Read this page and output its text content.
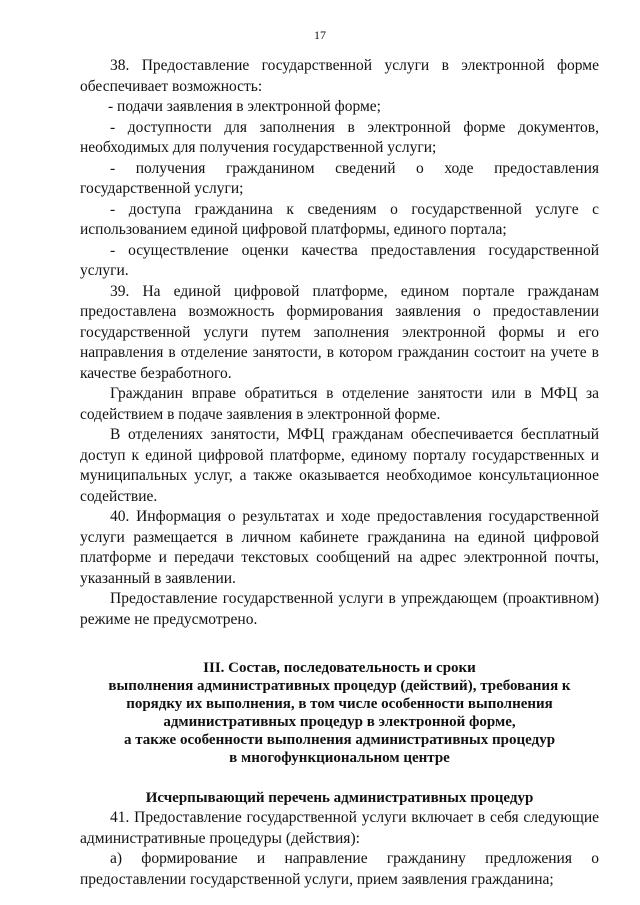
17

38. Предоставление государственной услуги в электронной форме обеспечивает возможность:

- подачи заявления в электронной форме;

- доступности для заполнения в электронной форме документов, необходимых для получения государственной услуги;

- получения гражданином сведений о ходе предоставления государственной услуги;

- доступа гражданина к сведениям о государственной услуге с использованием единой цифровой платформы, единого портала;

- осуществление оценки качества предоставления государственной услуги.

39. На единой цифровой платформе, едином портале гражданам предоставлена возможность формирования заявления о предоставлении государственной услуги путем заполнения электронной формы и его направления в отделение занятости, в котором гражданин состоит на учете в качестве безработного.

Гражданин вправе обратиться в отделение занятости или в МФЦ за содействием в подаче заявления в электронной форме.

В отделениях занятости, МФЦ гражданам обеспечивается бесплатный доступ к единой цифровой платформе, единому порталу государственных и муниципальных услуг, а также оказывается необходимое консультационное содействие.

40. Информация о результатах и ходе предоставления государственной услуги размещается в личном кабинете гражданина на единой цифровой платформе и передачи текстовых сообщений на адрес электронной почты, указанный в заявлении.

Предоставление государственной услуги в упреждающем (проактивном) режиме не предусмотрено.

III. Состав, последовательность и сроки

выполнения административных процедур (действий), требования к

порядку их выполнения, в том числе особенности выполнения

административных процедур в электронной форме,

а также особенности выполнения административных процедур

в многофункциональном центре

Исчерпывающий перечень административных процедур

41. Предоставление государственной услуги включает в себя следующие административные процедуры (действия):

а) формирование и направление гражданину предложения о предоставлении государственной услуги, прием заявления гражданина;
